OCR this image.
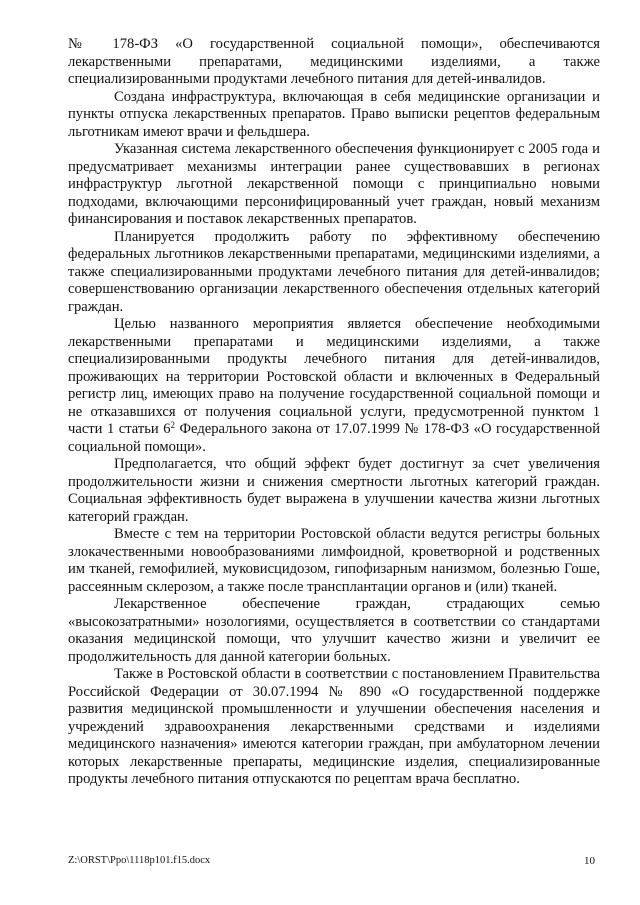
№ 178-ФЗ «О государственной социальной помощи», обеспечиваются лекарственными препаратами, медицинскими изделиями, а также специализированными продуктами лечебного питания для детей-инвалидов.

Создана инфраструктура, включающая в себя медицинские организации и пункты отпуска лекарственных препаратов. Право выписки рецептов федеральным льготникам имеют врачи и фельдшера.

Указанная система лекарственного обеспечения функционирует с 2005 года и предусматривает механизмы интеграции ранее существовавших в регионах инфраструктур льготной лекарственной помощи с принципиально новыми подходами, включающими персонифицированный учет граждан, новый механизм финансирования и поставок лекарственных препаратов.

Планируется продолжить работу по эффективному обеспечению федеральных льготников лекарственными препаратами, медицинскими изделиями, а также специализированными продуктами лечебного питания для детей-инвалидов; совершенствованию организации лекарственного обеспечения отдельных категорий граждан.

Целью названного мероприятия является обеспечение необходимыми лекарственными препаратами и медицинскими изделиями, а также специализированными продукты лечебного питания для детей-инвалидов, проживающих на территории Ростовской области и включенных в Федеральный регистр лиц, имеющих право на получение государственной социальной помощи и не отказавшихся от получения социальной услуги, предусмотренной пунктом 1 части 1 статьи $6^2$ Федерального закона от 17.07.1999 № 178-ФЗ «О государственной социальной помощи».

Предполагается, что общий эффект будет достигнут за счет увеличения продолжительности жизни и снижения смертности льготных категорий граждан. Социальная эффективность будет выражена в улучшении качества жизни льготных категорий граждан.

Вместе с тем на территории Ростовской области ведутся регистры больных злокачественными новообразованиями лимфоидной, кроветворной и родственных им тканей, гемофилией, муковисцидозом, гипофизарным нанизмом, болезнью Гоше, рассеянным склерозом, а также после трансплантации органов и (или) тканей.

Лекарственное обеспечение граждан, страдающих семью «высокозатратными» нозологиями, осуществляется в соответствии со стандартами оказания медицинской помощи, что улучшит качество жизни и увеличит ее продолжительность для данной категории больных.

Также в Ростовской области в соответствии с постановлением Правительства Российской Федерации от 30.07.1994 № 890 «О государственной поддержке развития медицинской промышленности и улучшении обеспечения населения и учреждений здравоохранения лекарственными средствами и изделиями медицинского назначения» имеются категории граждан, при амбулаторном лечении которых лекарственные препараты, медицинские изделия, специализированные продукты лечебного питания отпускаются по рецептам врача бесплатно.

Z:\ORST\Ppo\1118p101.f15.docx	10
